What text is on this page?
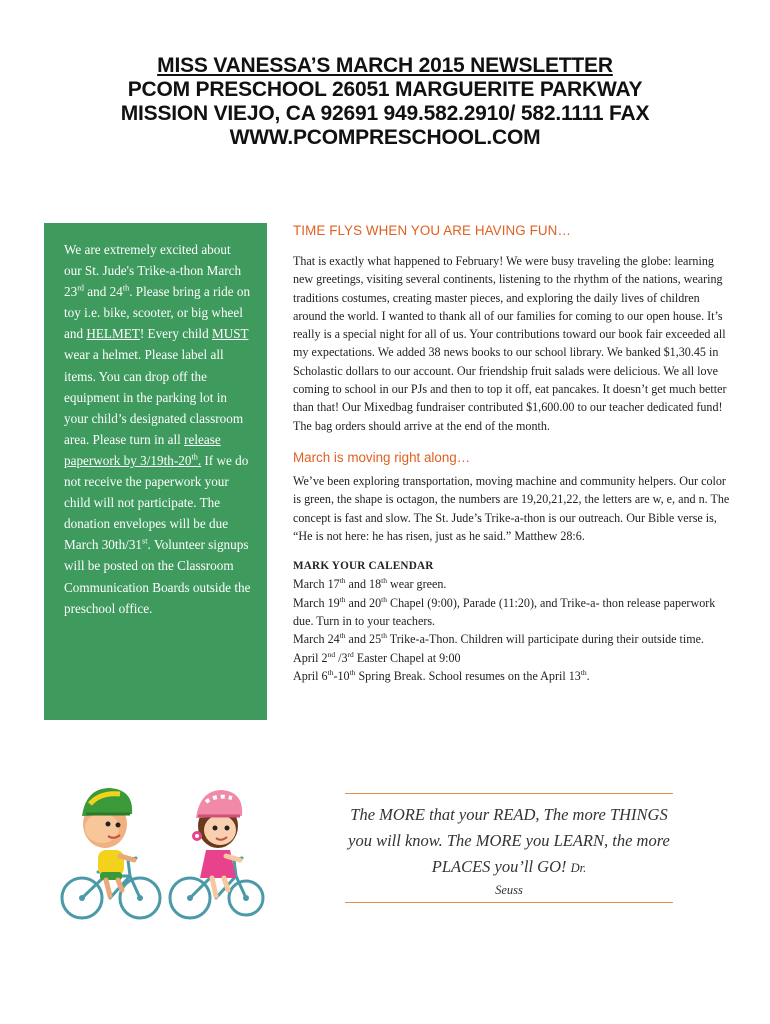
MISS VANESSA’S MARCH 2015 NEWSLETTER
PCOM PRESCHOOL 26051 MARGUERITE PARKWAY
MISSION VIEJO, CA 92691 949.582.2910/ 582.1111 FAX
WWW.PCOMPRESCHOOL.COM

We are extremely excited about our St. Jude's Trike-a-thon March 23rd and 24th. Please bring a ride on toy i.e. bike, scooter, or big wheel and HELMET! Every child MUST wear a helmet. Please label all items. You can drop off the equipment in the parking lot in your child’s designated classroom area. Please turn in all release paperwork by 3/19th-20th. If we do not receive the paperwork your child will not participate. The donation envelopes will be due March 30th/31st. Volunteer signups will be posted on the Classroom Communication Boards outside the preschool office.

TIME FLYS WHEN YOU ARE HAVING FUN…

That is exactly what happened to February! We were busy traveling the globe: learning new greetings, visiting several continents, listening to the rhythm of the nations, wearing traditions costumes, creating master pieces, and exploring the daily lives of children around the world. I wanted to thank all of our families for coming to our open house. It’s really is a special night for all of us. Your contributions toward our book fair exceeded all my expectations. We added 38 news books to our school library. We banked $1,30.45 in Scholastic dollars to our account. Our friendship fruit salads were delicious. We all love coming to school in our PJs and then to top it off, eat pancakes. It doesn’t get much better than that! Our Mixedbag fundraiser contributed $1,600.00 to our teacher dedicated fund! The bag orders should arrive at the end of the month.

March is moving right along…

We’ve been exploring transportation, moving machine and community helpers. Our color is green, the shape is octagon, the numbers are 19,20,21,22, the letters are w, e, and n. The concept is fast and slow. The St. Jude’s Trike-a-thon is our outreach. Our Bible verse is, “He is not here: he has risen, just as he said.” Matthew 28:6.

MARK YOUR CALENDAR

March 17th and 18th wear green.

March 19th and 20th Chapel (9:00), Parade (11:20), and Trike-a- thon release paperwork due. Turn in to your teachers.

March 24th and 25th Trike-a-Thon. Children will participate during their outside time.

April 2nd /3rd Easter Chapel at 9:00

April 6th-10th Spring Break. School resumes on the April 13th.

The MORE that your READ, The more THINGS you will know. The MORE you LEARN, the more PLACES you’ll GO! Dr.

Seuss
